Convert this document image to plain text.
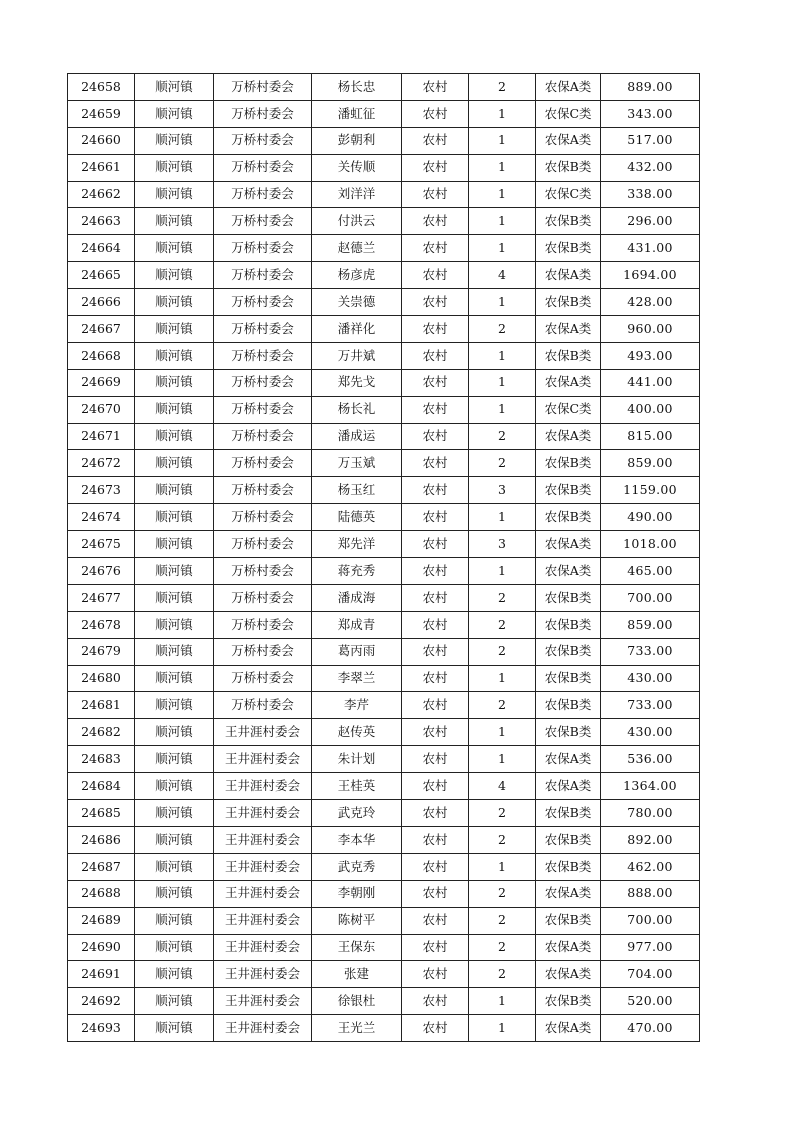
24658	顺河镇	万桥村委会	杨长忠	农村	2	农保A类	889.00
24659	顺河镇	万桥村委会	潘虹征	农村	1	农保C类	343.00
24660	顺河镇	万桥村委会	彭朝利	农村	1	农保A类	517.00
24661	顺河镇	万桥村委会	关传顺	农村	1	农保B类	432.00
24662	顺河镇	万桥村委会	刘洋洋	农村	1	农保C类	338.00
24663	顺河镇	万桥村委会	付洪云	农村	1	农保B类	296.00
24664	顺河镇	万桥村委会	赵德兰	农村	1	农保B类	431.00
24665	顺河镇	万桥村委会	杨彦虎	农村	4	农保A类	1694.00
24666	顺河镇	万桥村委会	关崇德	农村	1	农保B类	428.00
24667	顺河镇	万桥村委会	潘祥化	农村	2	农保A类	960.00
24668	顺河镇	万桥村委会	万井斌	农村	1	农保B类	493.00
24669	顺河镇	万桥村委会	郑先戈	农村	1	农保A类	441.00
24670	顺河镇	万桥村委会	杨长礼	农村	1	农保C类	400.00
24671	顺河镇	万桥村委会	潘成运	农村	2	农保A类	815.00
24672	顺河镇	万桥村委会	万玉斌	农村	2	农保B类	859.00
24673	顺河镇	万桥村委会	杨玉红	农村	3	农保B类	1159.00
24674	顺河镇	万桥村委会	陆德英	农村	1	农保B类	490.00
24675	顺河镇	万桥村委会	郑先洋	农村	3	农保A类	1018.00
24676	顺河镇	万桥村委会	蒋充秀	农村	1	农保A类	465.00
24677	顺河镇	万桥村委会	潘成海	农村	2	农保B类	700.00
24678	顺河镇	万桥村委会	郑成青	农村	2	农保B类	859.00
24679	顺河镇	万桥村委会	葛丙雨	农村	2	农保B类	733.00
24680	顺河镇	万桥村委会	李翠兰	农村	1	农保B类	430.00
24681	顺河镇	万桥村委会	李芹	农村	2	农保B类	733.00
24682	顺河镇	王井涯村委会	赵传英	农村	1	农保B类	430.00
24683	顺河镇	王井涯村委会	朱计划	农村	1	农保A类	536.00
24684	顺河镇	王井涯村委会	王桂英	农村	4	农保A类	1364.00
24685	顺河镇	王井涯村委会	武克玲	农村	2	农保B类	780.00
24686	顺河镇	王井涯村委会	李本华	农村	2	农保B类	892.00
24687	顺河镇	王井涯村委会	武克秀	农村	1	农保B类	462.00
24688	顺河镇	王井涯村委会	李朝刚	农村	2	农保A类	888.00
24689	顺河镇	王井涯村委会	陈树平	农村	2	农保B类	700.00
24690	顺河镇	王井涯村委会	王保东	农村	2	农保A类	977.00
24691	顺河镇	王井涯村委会	张建	农村	2	农保A类	704.00
24692	顺河镇	王井涯村委会	徐银杜	农村	1	农保B类	520.00
24693	顺河镇	王井涯村委会	王光兰	农村	1	农保A类	470.00
